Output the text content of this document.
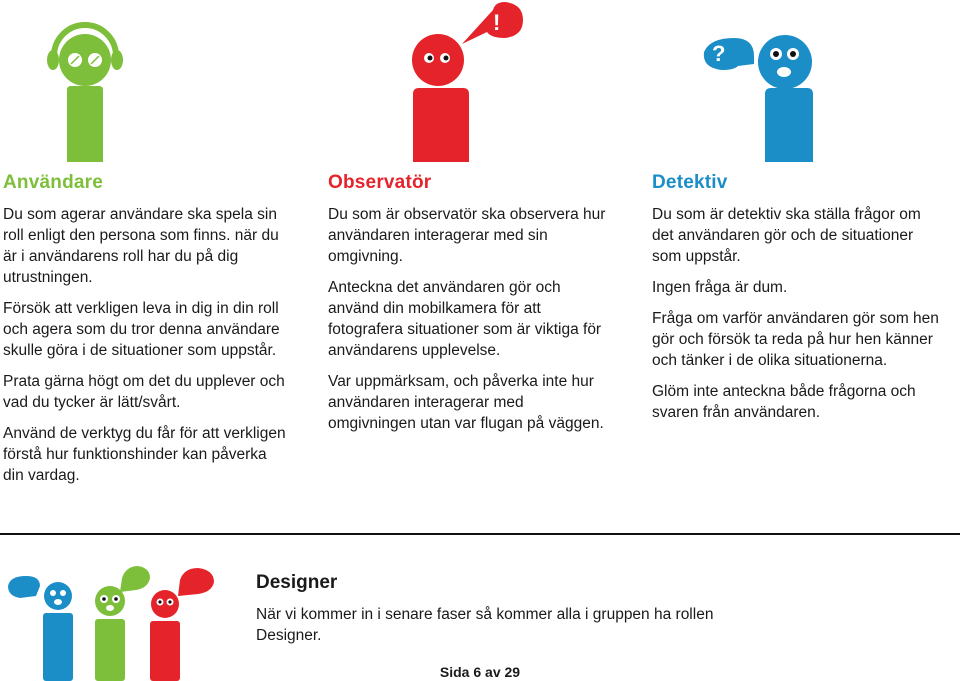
!
?
Användare

Du som agerar användare ska spela sin roll enligt den persona som finns. när du är i användarens roll har du på dig utrustningen.

Försök att verkligen leva in dig in din roll och agera som du tror denna användare skulle göra i de situationer som uppstår.

Prata gärna högt om det du upplever och vad du tycker är lätt/svårt.

Använd de verktyg du får för att verkligen förstå hur funktionshinder kan påverka din vardag.

Observatör

Du som är observatör ska observera hur användaren interagerar med sin omgivning.

Anteckna det användaren gör och använd din mobilkamera för att fotografera situationer som är viktiga för användarens upplevelse.

Var uppmärksam, och påverka inte hur användaren interagerar med omgivningen utan var flugan på väggen.

Detektiv

Du som är detektiv ska ställa frågor om det användaren gör och de situationer som uppstår.

Ingen fråga är dum.

Fråga om varför användaren gör som hen gör och försök ta reda på hur hen känner och tänker i de olika situationerna.

Glöm inte anteckna både frågorna och svaren från användaren.

Designer

När vi kommer in i senare faser så kommer alla i gruppen ha rollen Designer.

Sida 6 av 29
